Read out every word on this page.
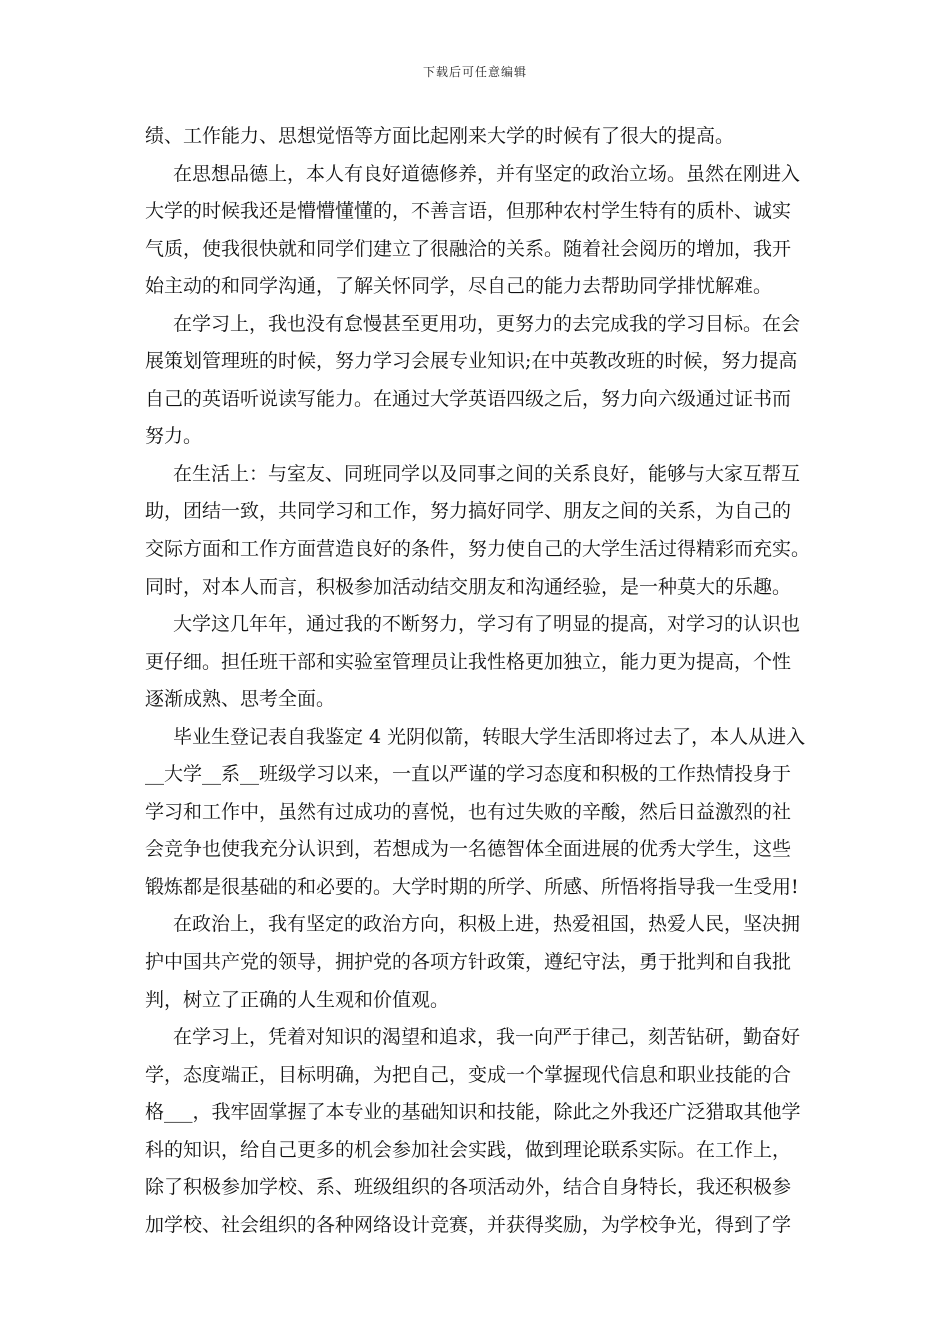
下载后可任意编辑
绩、工作能力、思想觉悟等方面比起刚来大学的时候有了很大的提高。
在思想品德上，本人有良好道德修养，并有坚定的政治立场。虽然在刚进入
大学的时候我还是懵懵懂懂的，不善言语，但那种农村学生特有的质朴、诚实
气质，使我很快就和同学们建立了很融洽的关系。随着社会阅历的增加，我开
始主动的和同学沟通，了解关怀同学，尽自己的能力去帮助同学排忧解难。
在学习上，我也没有怠慢甚至更用功，更努力的去完成我的学习目标。在会
展策划管理班的时候，努力学习会展专业知识;在中英教改班的时候，努力提高
自己的英语听说读写能力。在通过大学英语四级之后，努力向六级通过证书而
努力。
在生活上：与室友、同班同学以及同事之间的关系良好，能够与大家互帮互
助，团结一致，共同学习和工作，努力搞好同学、朋友之间的关系，为自己的
交际方面和工作方面营造良好的条件，努力使自己的大学生活过得精彩而充实。
同时，对本人而言，积极参加活动结交朋友和沟通经验，是一种莫大的乐趣。
大学这几年年，通过我的不断努力，学习有了明显的提高，对学习的认识也
更仔细。担任班干部和实验室管理员让我性格更加独立，能力更为提高，个性
逐渐成熟、思考全面。
毕业生登记表自我鉴定 4 光阴似箭，转眼大学生活即将过去了，本人从进入
__大学__系__班级学习以来，一直以严谨的学习态度和积极的工作热情投身于
学习和工作中，虽然有过成功的喜悦，也有过失败的辛酸，然后日益激烈的社
会竞争也使我充分认识到，若想成为一名德智体全面进展的优秀大学生，这些
锻炼都是很基础的和必要的。大学时期的所学、所感、所悟将指导我一生受用!
在政治上，我有坚定的政治方向，积极上进，热爱祖国，热爱人民，坚决拥
护中国共产党的领导，拥护党的各项方针政策，遵纪守法，勇于批判和自我批
判，树立了正确的人生观和价值观。
在学习上，凭着对知识的渴望和追求，我一向严于律己，刻苦钻研，勤奋好
学，态度端正，目标明确，为把自己，变成一个掌握现代信息和职业技能的合
格___，我牢固掌握了本专业的基础知识和技能，除此之外我还广泛猎取其他学
科的知识，给自己更多的机会参加社会实践，做到理论联系实际。在工作上，
除了积极参加学校、系、班级组织的各项活动外，结合自身特长，我还积极参
加学校、社会组织的各种网络设计竞赛，并获得奖励，为学校争光，得到了学
